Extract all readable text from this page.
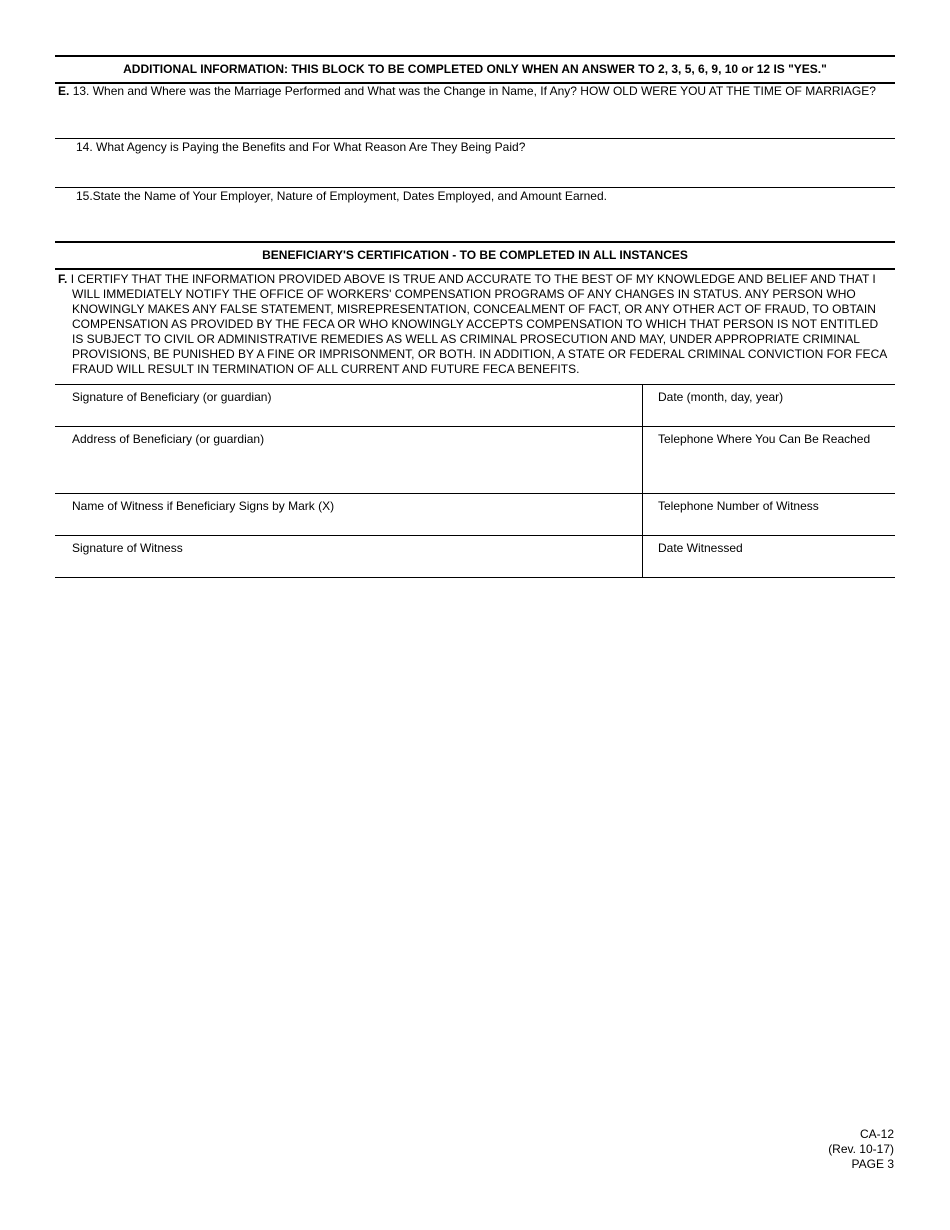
ADDITIONAL INFORMATION: THIS BLOCK TO BE COMPLETED ONLY WHEN AN ANSWER TO 2, 3, 5, 6, 9, 10 or 12 IS "YES."
E. 13. When and Where was the Marriage Performed and What was the Change in Name, If Any? HOW OLD WERE YOU AT THE TIME OF MARRIAGE?
14. What Agency is Paying the Benefits and For What Reason Are They Being Paid?
15.State the Name of Your Employer, Nature of Employment, Dates Employed, and Amount Earned.
BENEFICIARY'S CERTIFICATION - TO BE COMPLETED IN ALL INSTANCES
F. I CERTIFY THAT THE INFORMATION PROVIDED ABOVE IS TRUE AND ACCURATE TO THE BEST OF MY KNOWLEDGE AND BELIEF AND THAT I WILL IMMEDIATELY NOTIFY THE OFFICE OF WORKERS' COMPENSATION PROGRAMS OF ANY CHANGES IN STATUS. ANY PERSON WHO KNOWINGLY MAKES ANY FALSE STATEMENT, MISREPRESENTATION, CONCEALMENT OF FACT, OR ANY OTHER ACT OF FRAUD, TO OBTAIN COMPENSATION AS PROVIDED BY THE FECA OR WHO KNOWINGLY ACCEPTS COMPENSATION TO WHICH THAT PERSON IS NOT ENTITLED IS SUBJECT TO CIVIL OR ADMINISTRATIVE REMEDIES AS WELL AS CRIMINAL PROSECUTION AND MAY, UNDER APPROPRIATE CRIMINAL PROVISIONS, BE PUNISHED BY A FINE OR IMPRISONMENT, OR BOTH. IN ADDITION, A STATE OR FEDERAL CRIMINAL CONVICTION FOR FECA FRAUD WILL RESULT IN TERMINATION OF ALL CURRENT AND FUTURE FECA BENEFITS.
Signature of Beneficiary (or guardian)	Date (month, day, year)
Address of Beneficiary (or guardian)	Telephone Where You Can Be Reached
Name of Witness if Beneficiary Signs by Mark (X)	Telephone Number of Witness
Signature of Witness	Date Witnessed
CA-12
(Rev. 10-17)
PAGE 3
